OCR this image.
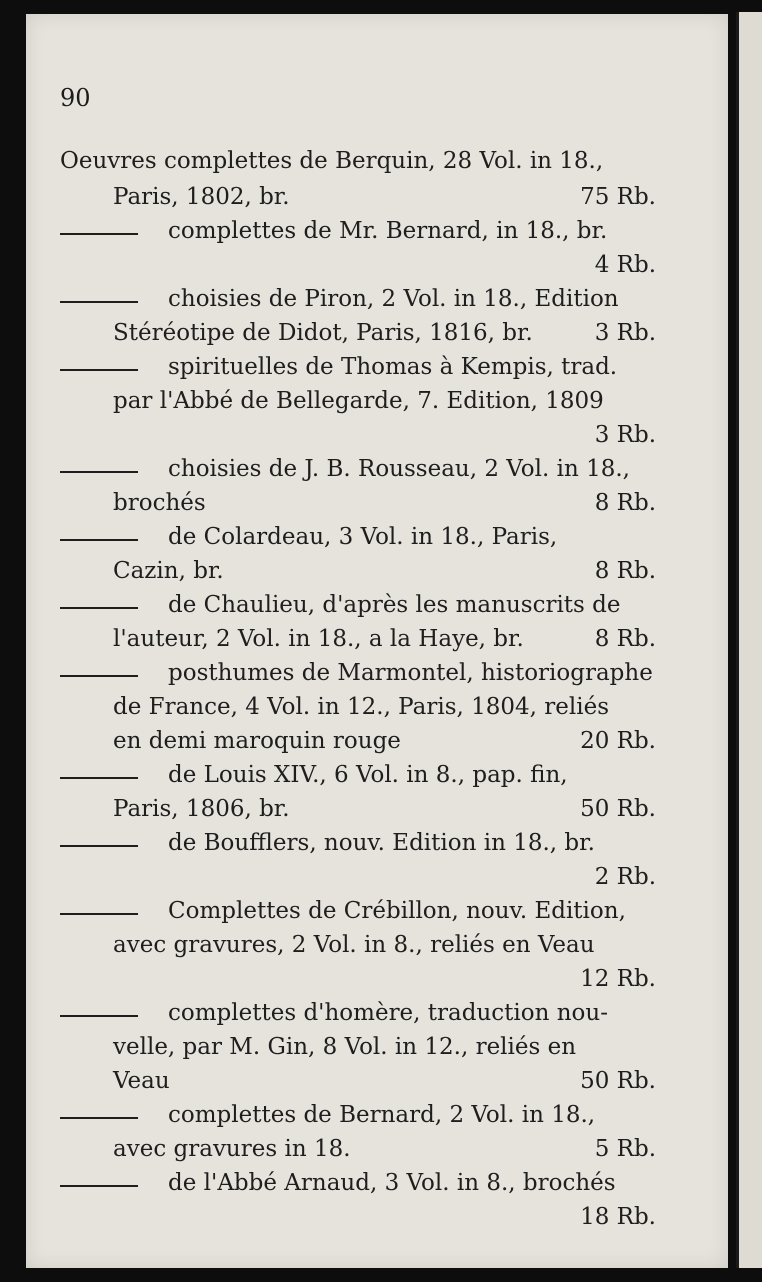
90
Oeuvres complettes de Berquin, 28 Vol. in 18.,
Paris, 1802, br.	75 Rb.
complettes de Mr. Bernard, in 18., br.
4 Rb.
choisies de Piron, 2 Vol. in 18., Edition
Stéréotipe de Didot, Paris, 1816, br.	3 Rb.
spirituelles de Thomas à Kempis, trad.
par l'Abbé de Bellegarde, 7. Edition, 1809
3 Rb.
choisies de J. B. Rousseau, 2 Vol. in 18.,
brochés	8 Rb.
de Colardeau, 3 Vol. in 18., Paris,
Cazin, br.	8 Rb.
de Chaulieu, d'après les manuscrits de
l'auteur, 2 Vol. in 18., a la Haye, br.	8 Rb.
posthumes de Marmontel, historiographe
de France, 4 Vol. in 12., Paris, 1804, reliés
en demi maroquin rouge	20 Rb.
de Louis XIV., 6 Vol. in 8., pap. fin,
Paris, 1806, br.	50 Rb.
de Boufflers, nouv. Edition in 18., br.
2 Rb.
Complettes de Crébillon, nouv. Edition,
avec gravures, 2 Vol. in 8., reliés en Veau
12 Rb.
complettes d'homère, traduction nou-
velle, par M. Gin, 8 Vol. in 12., reliés en
Veau	50 Rb.
complettes de Bernard, 2 Vol. in 18.,
avec gravures in 18.	5 Rb.
de l'Abbé Arnaud, 3 Vol. in 8., brochés
18 Rb.
